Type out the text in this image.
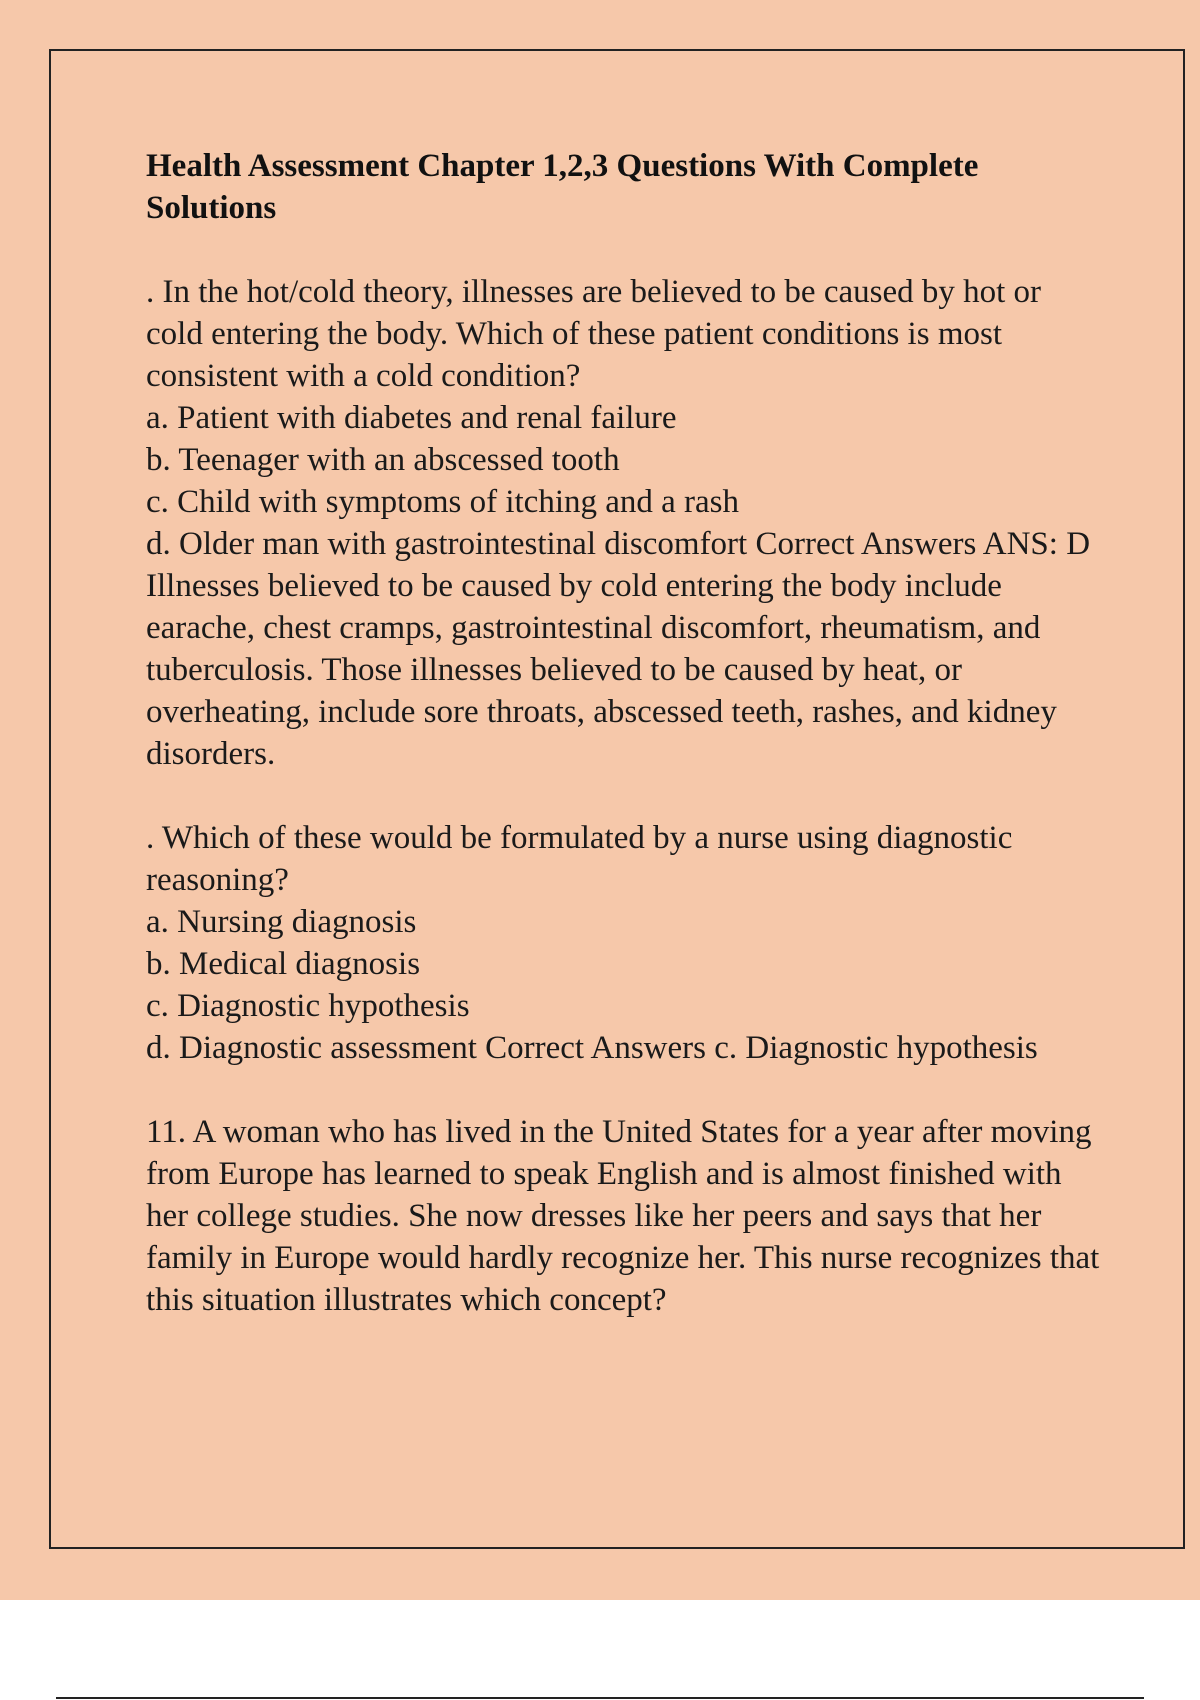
Health Assessment Chapter 1,2,3 Questions With Complete Solutions
. In the hot/cold theory, illnesses are believed to be caused by hot or cold entering the body. Which of these patient conditions is most consistent with a cold condition?
a. Patient with diabetes and renal failure
b. Teenager with an abscessed tooth
c. Child with symptoms of itching and a rash
d. Older man with gastrointestinal discomfort Correct Answers ANS: D
Illnesses believed to be caused by cold entering the body include earache, chest cramps, gastrointestinal discomfort, rheumatism, and tuberculosis. Those illnesses believed to be caused by heat, or overheating, include sore throats, abscessed teeth, rashes, and kidney disorders.
. Which of these would be formulated by a nurse using diagnostic reasoning?
a. Nursing diagnosis
b. Medical diagnosis
c. Diagnostic hypothesis
d. Diagnostic assessment Correct Answers c. Diagnostic hypothesis
11. A woman who has lived in the United States for a year after moving from Europe has learned to speak English and is almost finished with her college studies. She now dresses like her peers and says that her family in Europe would hardly recognize her. This nurse recognizes that this situation illustrates which concept?
